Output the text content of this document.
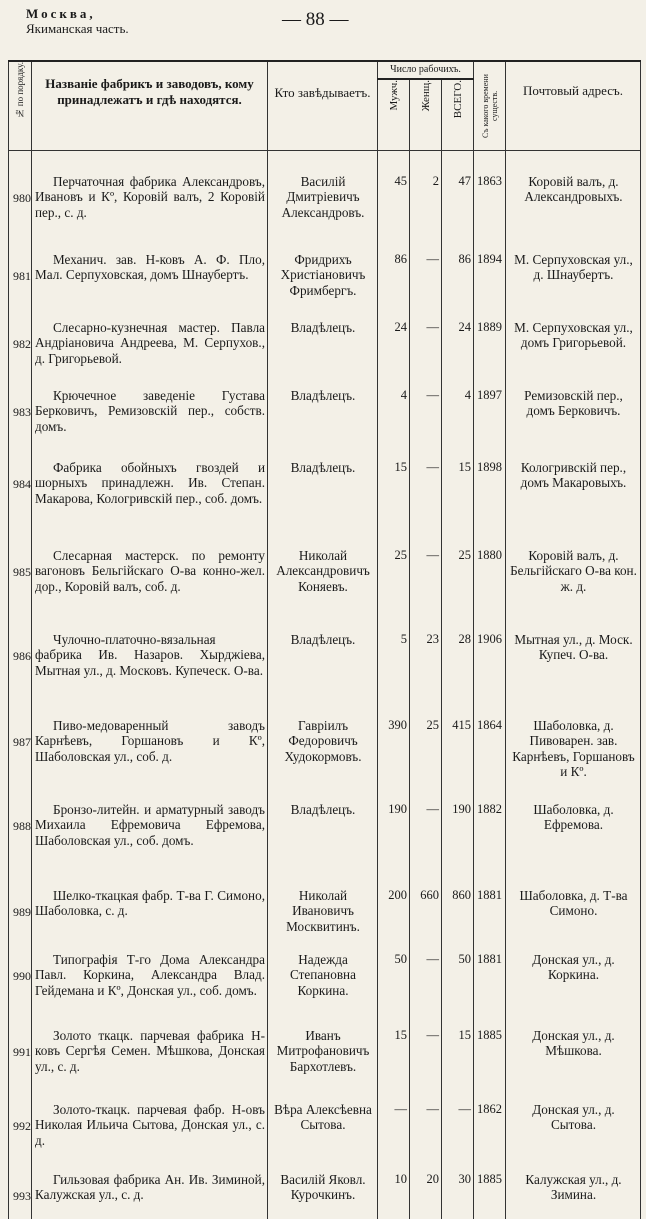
Москва,
Якиманская часть.	— 88 —
№ по порядку.	Названіе фабрикъ и заводовъ, кому принадлежатъ и гдѣ находятся.	Кто завѣдываетъ.	Число рабочихъ.			Съ какого времени существ.	Почтовый адресъ.

			Мужч.	Женщ.	ВСЕГО.		

980	Перчаточная фабрика Александровъ, Ивановъ и Кº, Коровій валъ, 2 Коровій пер., с. д.	Василій Дмитріевичъ Александровъ.	45	2	47	1863	Коровій валъ, д. Александровыхъ.
981	Механич. зав. Н-ковъ А. Ф. Пло, Мал. Серпуховская, домъ Шнаубертъ.	Фридрихъ Христіановичъ Фримбергъ.	86	—	86	1894	М. Серпуховская ул., д. Шнаубертъ.
982	Слесарно-кузнечная мастер. Павла Андріановича Андреева, М. Серпухов., д. Григорьевой.	Владѣлецъ.	24	—	24	1889	М. Серпуховская ул., домъ Григорьевой.
983	Крючечное заведеніе Густава Берковичъ, Ремизовскій пер., собств. домъ.	Владѣлецъ.	4	—	4	1897	Ремизовскій пер., домъ Берковичъ.
984	Фабрика обойныхъ гвоздей и шорныхъ принадлежн. Ив. Степан. Макарова, Кологривскій пер., соб. домъ.	Владѣлецъ.	15	—	15	1898	Кологривскій пер., домъ Макаровыхъ.
985	Слесарная мастерск. по ремонту вагоновъ Бельгійскаго О-ва конно-жел. дор., Коровій валъ, соб. д.	Николай Александровичъ Коняевъ.	25	—	25	1880	Коровій валъ, д. Бельгійскаго О-ва кон. ж. д.
986	Чулочно-платочно-вязальная фабрика Ив. Назаров. Хырджіева, Мытная ул., д. Московъ. Купеческ. О-ва.	Владѣлецъ.	5	23	28	1906	Мытная ул., д. Моск. Купеч. О-ва.
987	Пиво-медоваренный заводъ Карнѣевъ, Горшановъ и Кº, Шаболовская ул., соб. д.	Гавріилъ Федоровичъ Худокормовъ.	390	25	415	1864	Шаболовка, д. Пивоварен. зав. Карнѣевъ, Горшановъ и Кº.
988	Бронзо-литейн. и арматурный заводъ Михаила Ефремовича Ефремова, Шаболовская ул., соб. домъ.	Владѣлецъ.	190	—	190	1882	Шаболовка, д. Ефремова.
989	Шелко-ткацкая фабр. Т-ва Г. Симоно, Шаболовка, с. д.	Николай Ивановичъ Москвитинъ.	200	660	860	1881	Шаболовка, д. Т-ва Симоно.
990	Типографія Т-го Дома Александра Павл. Коркина, Александра Влад. Гейдемана и Кº, Донская ул., соб. домъ.	Надежда Степановна Коркина.	50	—	50	1881	Донская ул., д. Коркина.
991	Золото ткацк. парчевая фабрика Н-ковъ Сергѣя Семен. Мѣшкова, Донская ул., с. д.	Иванъ Митрофановичъ Бархотлевъ.	15	—	15	1885	Донская ул., д. Мѣшкова.
992	Золото-ткацк. парчевая фабр. Н-овъ Николая Ильича Сытова, Донская ул., с. д.	Вѣра Алексѣевна Сытова.	—	—	—	1862	Донская ул., д. Сытова.
993	Гильзовая фабрика Ан. Ив. Зиминой, Калужская ул., с. д.	Василій Яковл. Курочкинъ.	10	20	30	1885	Калужская ул., д. Зимина.
